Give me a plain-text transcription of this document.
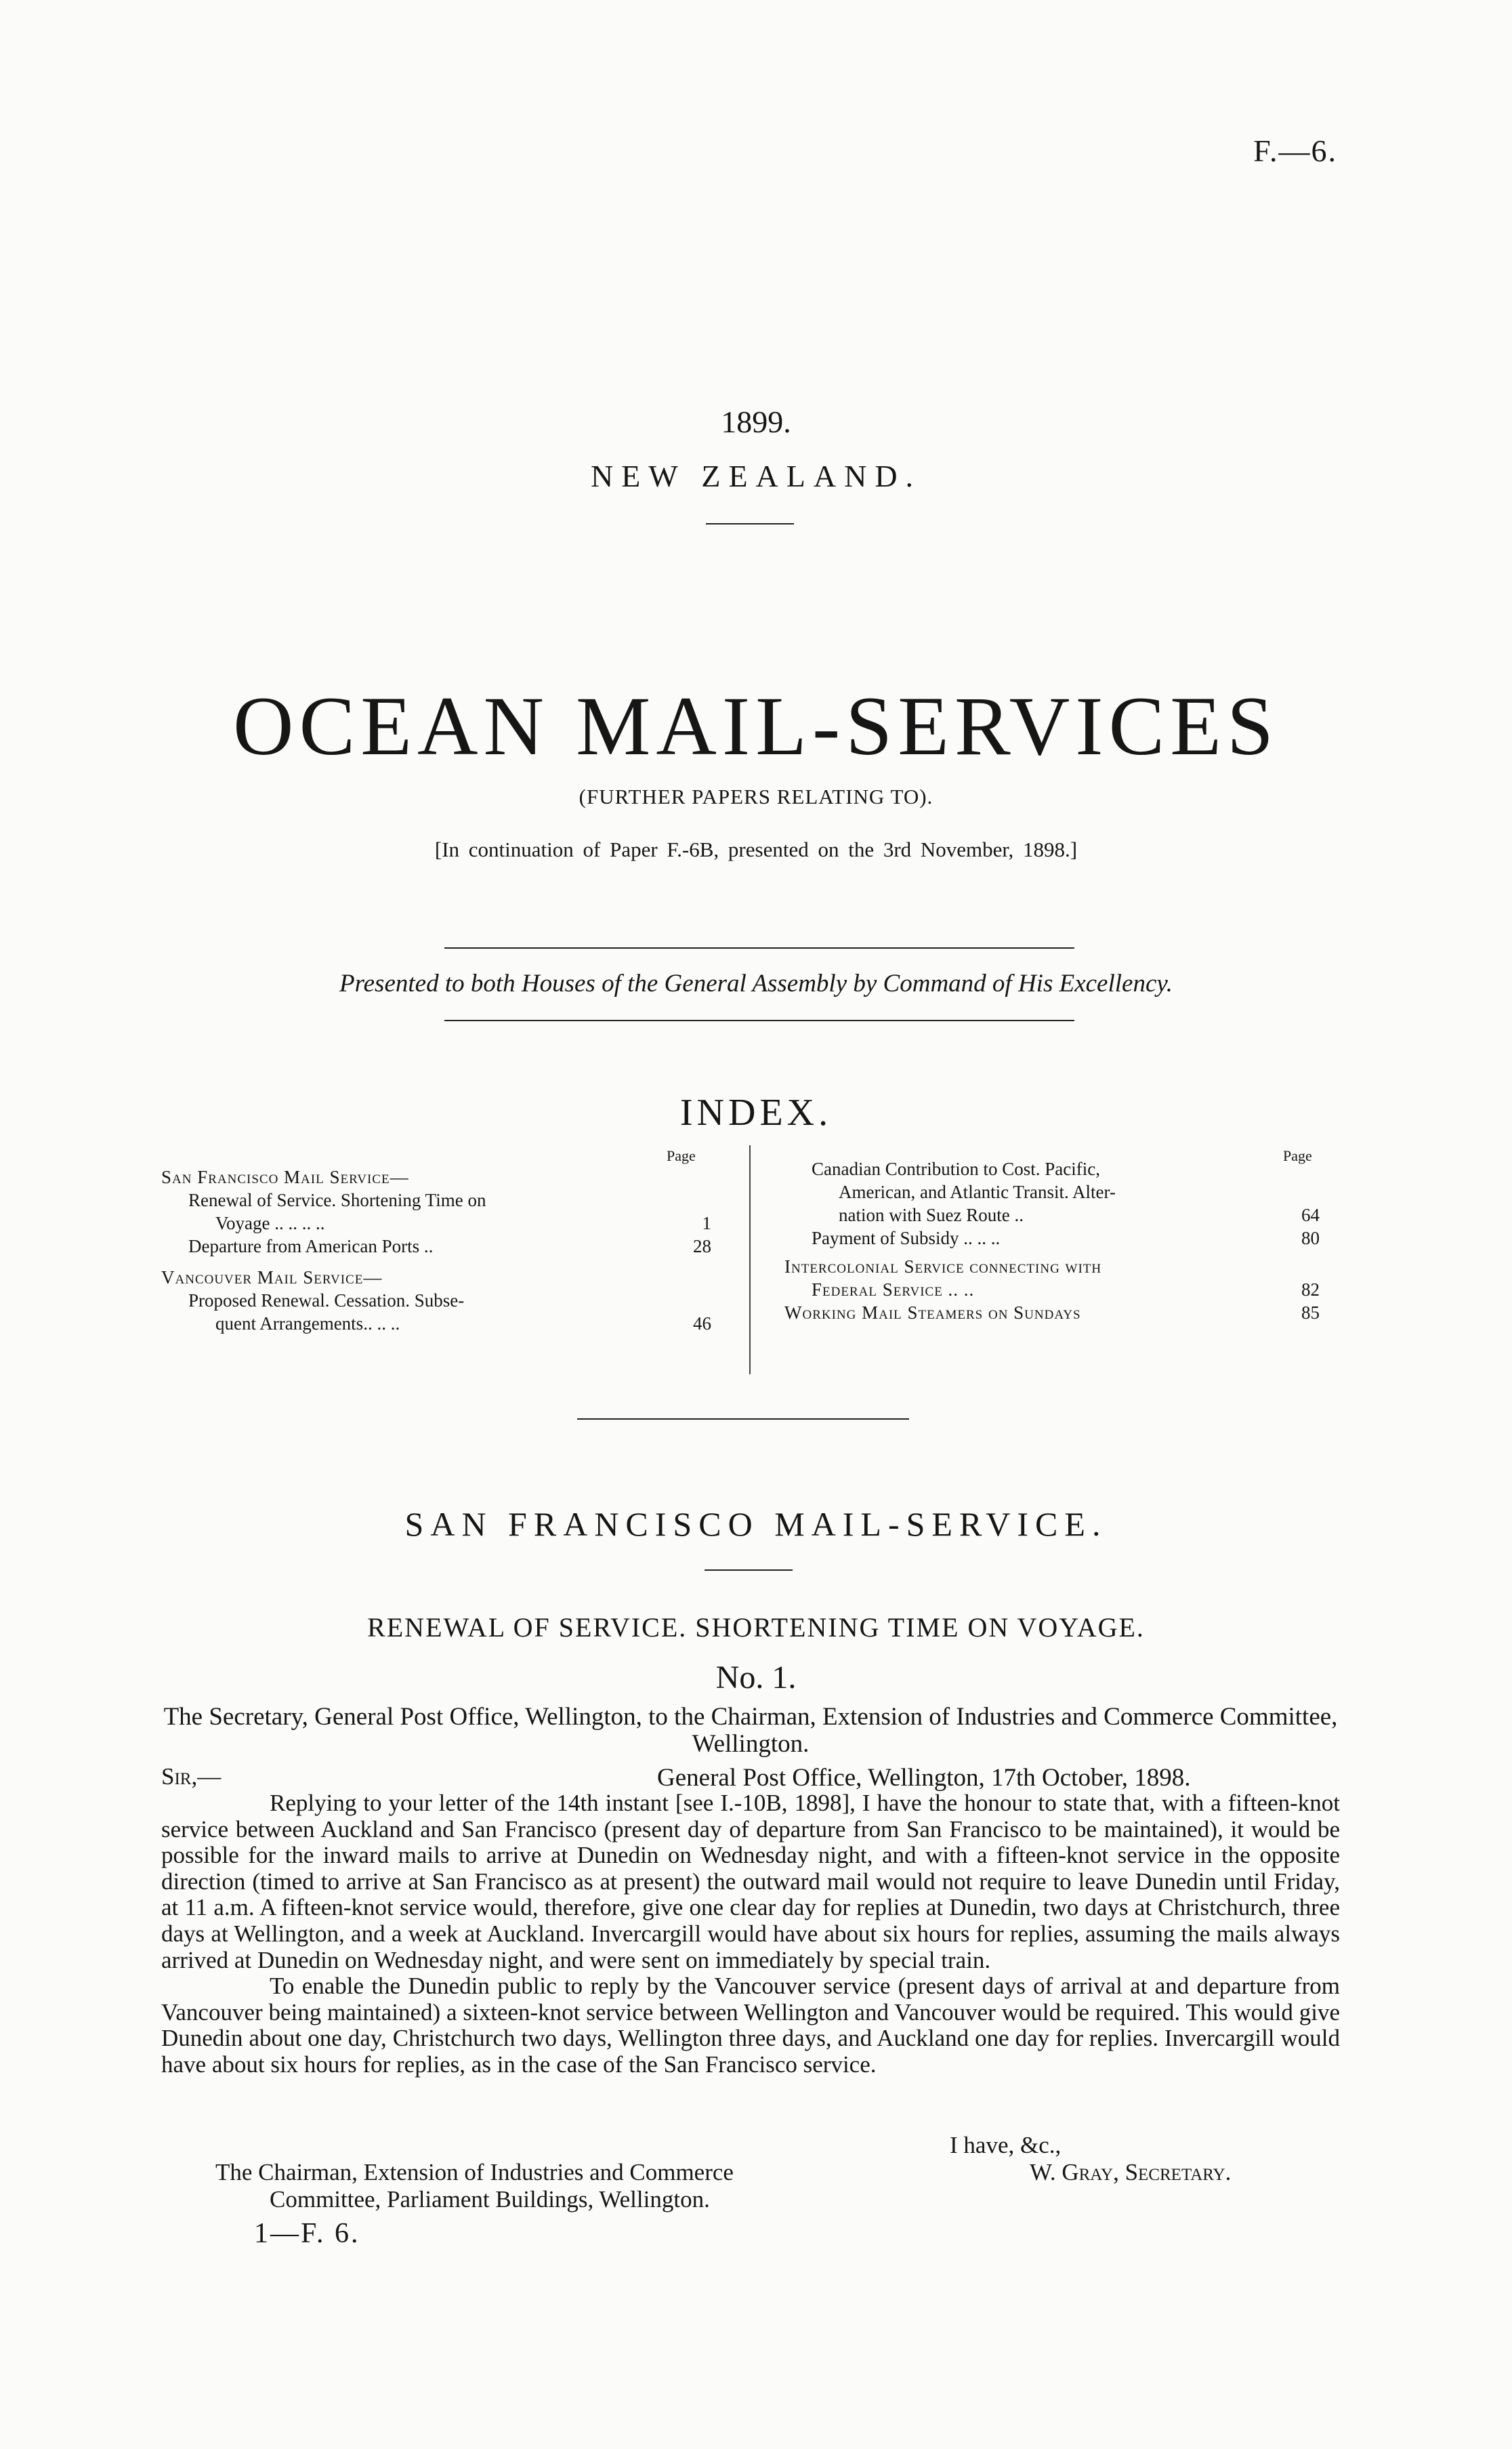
F.—6.
1899.
NEW ZEALAND.
OCEAN MAIL-SERVICES
(FURTHER PAPERS RELATING TO).
[In continuation of Paper F.-6B, presented on the 3rd November, 1898.]
Presented to both Houses of the General Assembly by Command of His Excellency.
INDEX.
Page	Page
San Francisco Mail Service—
Renewal of Service. Shortening Time on
Voyage .. .. .. ..	1
Departure from American Ports ..	28
Vancouver Mail Service—
Proposed Renewal. Cessation. Subse-
quent Arrangements.. .. ..	46
Canadian Contribution to Cost. Pacific,
American, and Atlantic Transit. Alter-
nation with Suez Route ..	64
Payment of Subsidy .. .. ..	80
Intercolonial Service connecting with
Federal Service .. ..	82
Working Mail Steamers on Sundays	85
SAN FRANCISCO MAIL-SERVICE.
RENEWAL OF SERVICE. SHORTENING TIME ON VOYAGE.
No. 1.
The Secretary, General Post Office, Wellington, to the Chairman, Extension of Industries and Commerce Committee, Wellington.
Sir,—	General Post Office, Wellington, 17th October, 1898.

Replying to your letter of the 14th instant [see I.-10B, 1898], I have the honour to state that, with a fifteen-knot service between Auckland and San Francisco (present day of departure from San Francisco to be maintained), it would be possible for the inward mails to arrive at Dunedin on Wednesday night, and with a fifteen-knot service in the opposite direction (timed to arrive at San Francisco as at present) the outward mail would not require to leave Dunedin until Friday, at 11 a.m. A fifteen-knot service would, therefore, give one clear day for replies at Dunedin, two days at Christchurch, three days at Wellington, and a week at Auckland. Invercargill would have about six hours for replies, assuming the mails always arrived at Dunedin on Wednesday night, and were sent on immediately by special train.

To enable the Dunedin public to reply by the Vancouver service (present days of arrival at and departure from Vancouver being maintained) a sixteen-knot service between Wellington and Vancouver would be required. This would give Dunedin about one day, Christchurch two days, Wellington three days, and Auckland one day for replies. Invercargill would have about six hours for replies, as in the case of the San Francisco service.

I have, &c.,
The Chairman, Extension of Industries and Commerce	W. Gray, Secretary.
Committee, Parliament Buildings, Wellington.
1—F. 6.
